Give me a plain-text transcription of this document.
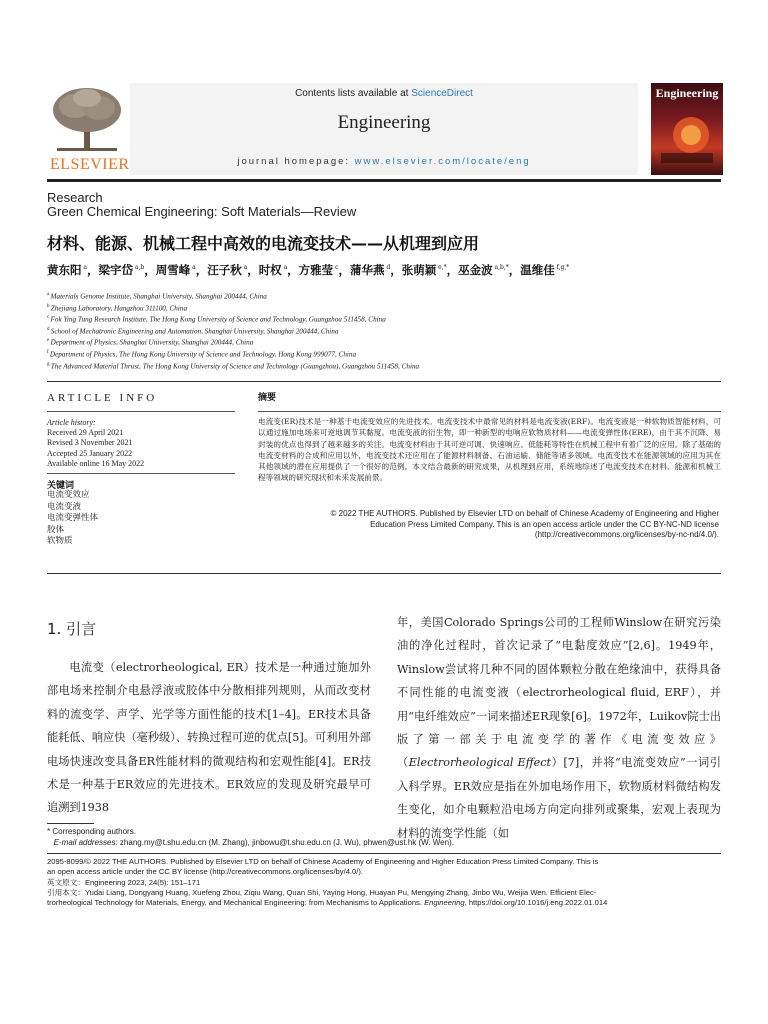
ELSEVIER
Contents lists available at ScienceDirect
Engineering
journal homepage: www.elsevier.com/locate/eng
Engineering
Research
Green Chemical Engineering: Soft Materials—Review
材料、能源、机械工程中高效的电流变技术——从机理到应用
黄东阳 $^a$，梁宇岱 $^{a,b}$，周雪峰 $^a$，汪子秋 $^a$，时权 $^a$，方雅莹 $^c$，蒲华燕 $^d$，张萌颖 $^{e,*}$，巫金波 $^{a,b,*}$，温维佳 $^{f,g,*}$
$^a$ Materials Genome Institute, Shanghai University, Shanghai 200444, China
$^b$ Zhejiang Laboratory, Hangzhou 311100, China
$^c$ Fok Ying Tung Research Institute, The Hong Kong University of Science and Technology, Guangzhou 511458, China
$^d$ School of Mechatronic Engineering and Automation, Shanghai University, Shanghai 200444, China
$^e$ Department of Physics, Shanghai University, Shanghai 200444, China
$^f$ Department of Physics, The Hong Kong University of Science and Technology, Hong Kong 999077, China
$^g$ The Advanced Material Thrust, The Hong Kong University of Science and Technology (Guangzhou), Guangzhou 511458, China
ARTICLE INFO
Article history:
Received 29 April 2021
Revised 3 November 2021
Accepted 25 January 2022
Available online 16 May 2022
关键词
电流变效应
电流变液
电流变弹性体
胶体
软物质
摘要
电流变(ER)技术是一种基于电流变效应的先进技术。电流变技术中最常见的材料是电流变液(ERF)。电流变液是一种软物质智能材料，可以通过施加电场来可逆地调节其黏度。电流变液的衍生物，即一种新型的电响应软物质材料——电流变弹性体(ERE)，由于其不沉降、易封装的优点也得到了越来越多的关注。电流变材料由于其可逆可调、快速响应、低能耗等特性在机械工程中有着广泛的应用。除了基础的电流变材料的合成和应用以外，电流变技术还应用在了能源材料制备、石油运输、储能等诸多领域。电流变技术在能源领域的应用为其在其他领域的潜在应用提供了一个很好的范例。本文结合最新的研究成果，从机理到应用，系统地综述了电流变技术在材料、能源和机械工程等领域的研究现状和未来发展前景。
© 2022 THE AUTHORS. Published by Elsevier LTD on behalf of Chinese Academy of Engineering and Higher
Education Press Limited Company. This is an open access article under the CC BY-NC-ND license
(http://creativecommons.org/licenses/by-nc-nd/4.0/).
1. 引言
电流变（electrorheological, ER）技术是一种通过施加外部电场来控制介电悬浮液或胶体中分散相排列规则，从而改变材料的流变学、声学、光学等方面性能的技术[1–4]。ER技术具备能耗低、响应快（毫秒级）、转换过程可逆的优点[5]。可利用外部电场快速改变具备ER性能材料的微观结构和宏观性能[4]。ER技术是一种基于ER效应的先进技术。ER效应的发现及研究最早可追溯到1938
年，美国Colorado Springs公司的工程师Winslow在研究污染油的净化过程时，首次记录了“电黏度效应”[2,6]。1949年，Winslow尝试将几种不同的固体颗粒分散在绝缘油中，获得具备不同性能的电流变液（electrorheological fluid, ERF），并用“电纤维效应”一词来描述ER现象[6]。1972年，Luikov院士出版了第一部关于电流变学的著作《电流变效应》（Electrorheological Effect）[7]，并将“电流变效应”一词引入科学界。ER效应是指在外加电场作用下，软物质材料微结构发生变化，如介电颗粒沿电场方向定向排列或聚集，宏观上表现为材料的流变学性能（如
* Corresponding authors.
E-mail addresses: zhang.my@t.shu.edu.cn (M. Zhang), jinbowu@t.shu.edu.cn (J. Wu), phwen@ust.hk (W. Wen).
2095-8099/© 2022 THE AUTHORS. Published by Elsevier LTD on behalf of Chinese Academy of Engineering and Higher Education Press Limited Company. This is
an open access article under the CC BY license (http://creativecommons.org/licenses/by/4.0/).
英文原文：Engineering 2023, 24(5): 151–171
引用本文：Yudai Liang, Dongyang Huang, Xuefeng Zhou, Ziqiu Wang, Quan Shi, Yaying Hong, Huayan Pu, Mengying Zhang, Jinbo Wu, Weijia Wen. Efficient Elec-
trorheological Technology for Materials, Energy, and Mechanical Engineering: from Mechanisms to Applications. Engineering, https://doi.org/10.1016/j.eng.2022.01.014
